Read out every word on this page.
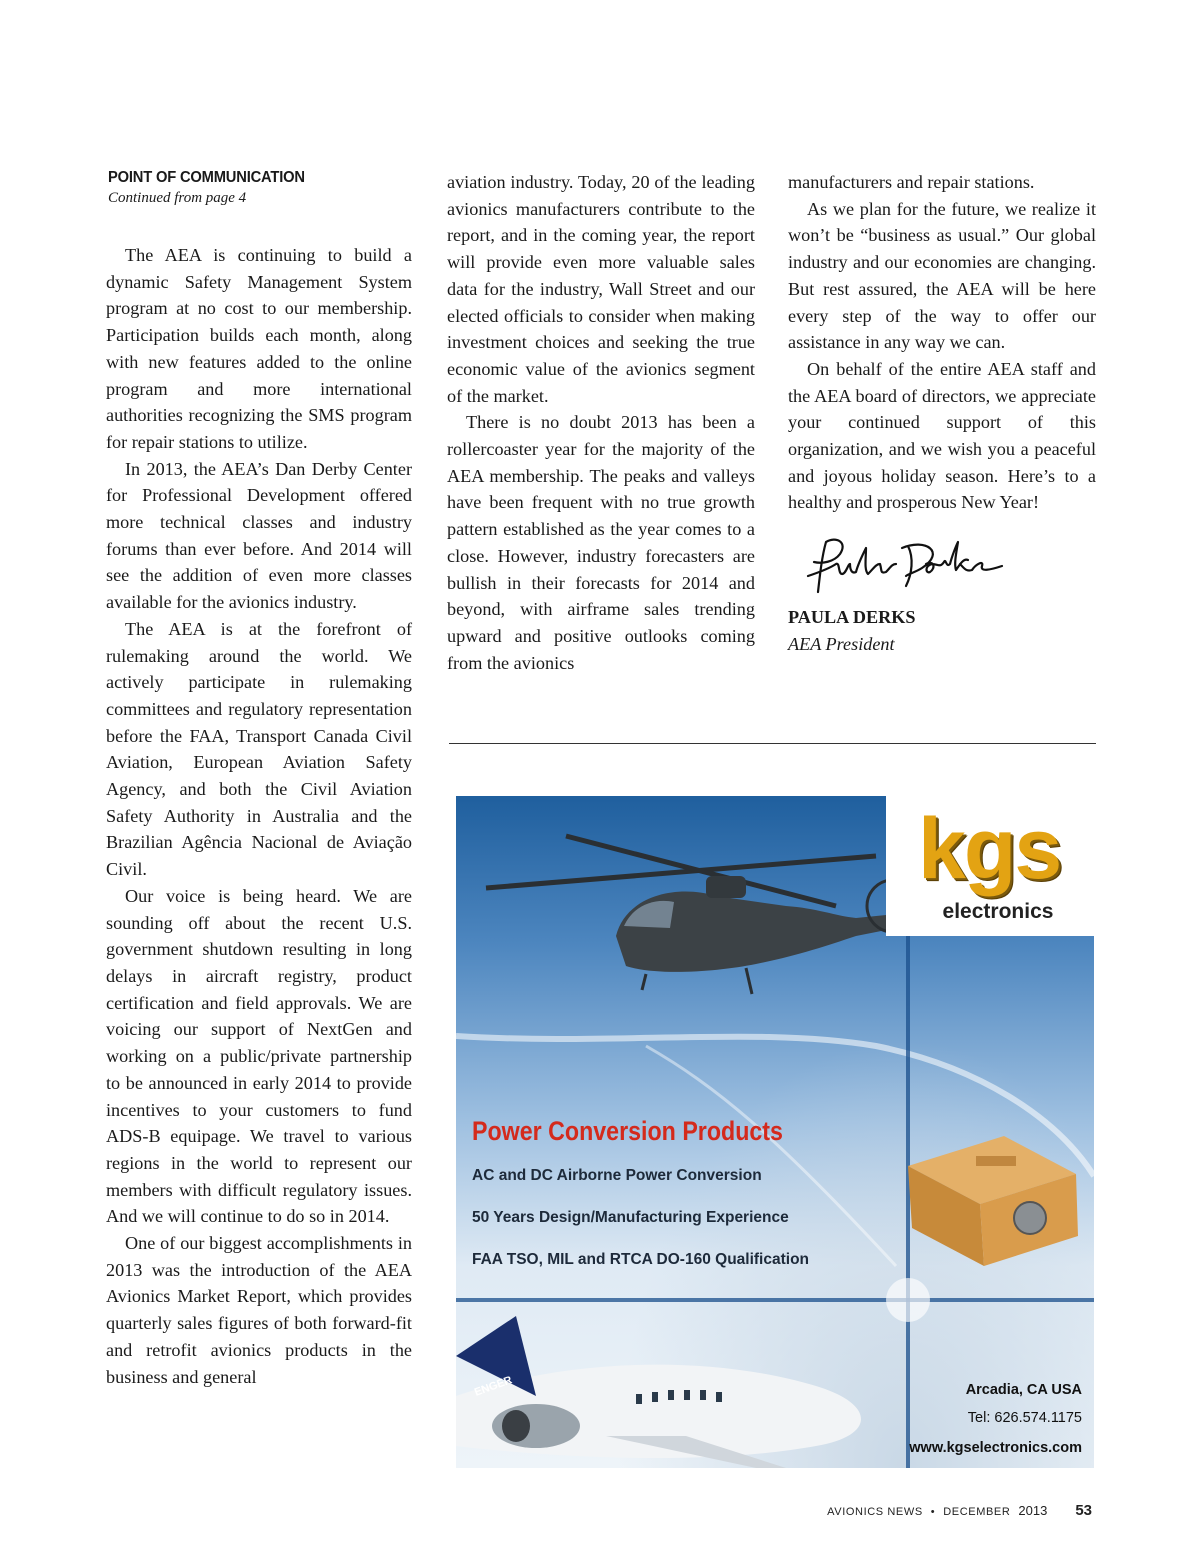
POINT OF COMMUNICATION

Continued from page 4

The AEA is continuing to build a dynamic Safety Management System program at no cost to our membership. Participation builds each month, along with new features added to the online program and more international authorities recognizing the SMS program for repair stations to utilize.

In 2013, the AEA’s Dan Derby Center for Professional Development offered more technical classes and industry forums than ever before. And 2014 will see the addition of even more classes available for the avionics industry.

The AEA is at the forefront of rulemaking around the world. We actively participate in rulemaking committees and regulatory representation before the FAA, Transport Canada Civil Aviation, European Aviation Safety Agency, and both the Civil Aviation Safety Authority in Australia and the Brazilian Agência Nacional de Aviação Civil.

Our voice is being heard. We are sounding off about the recent U.S. government shutdown resulting in long delays in aircraft registry, product certification and field approvals. We are voicing our support of NextGen and working on a public/private partnership to be announced in early 2014 to provide incentives to your customers to fund ADS-B equipage. We travel to various regions in the world to represent our members with difficult regulatory issues. And we will continue to do so in 2014.

One of our biggest accomplishments in 2013 was the introduction of the AEA Avionics Market Report, which provides quarterly sales figures of both forward-fit and retrofit avionics products in the business and general

aviation industry. Today, 20 of the leading avionics manufacturers contribute to the report, and in the coming year, the report will provide even more valuable sales data for the industry, Wall Street and our elected officials to consider when making investment choices and seeking the true economic value of the avionics segment of the market.

There is no doubt 2013 has been a rollercoaster year for the majority of the AEA membership. The peaks and valleys have been frequent with no true growth pattern established as the year comes to a close. However, industry forecasters are bullish in their forecasts for 2014 and beyond, with airframe sales trending upward and positive outlooks coming from the avionics

manufacturers and repair stations.

As we plan for the future, we realize it won’t be “business as usual.” Our global industry and our economies are changing. But rest assured, the AEA will be here every step of the way to offer our assistance in any way we can.

On behalf of the entire AEA staff and the AEA board of directors, we appreciate your continued support of this organization, and we wish you a peaceful and joyous holiday season. Here’s to a healthy and prosperous New Year!

PAULA DERKS

AEA President

ENGER
kgs
electronics
Power Conversion Products

AC and DC Airborne Power Conversion

50 Years Design/Manufacturing Experience

FAA TSO, MIL and RTCA DO-160 Qualification

Arcadia, CA USA

Tel: 626.574.1175

www.kgselectronics.com

AVIONICS NEWS • DECEMBER 2013 53
